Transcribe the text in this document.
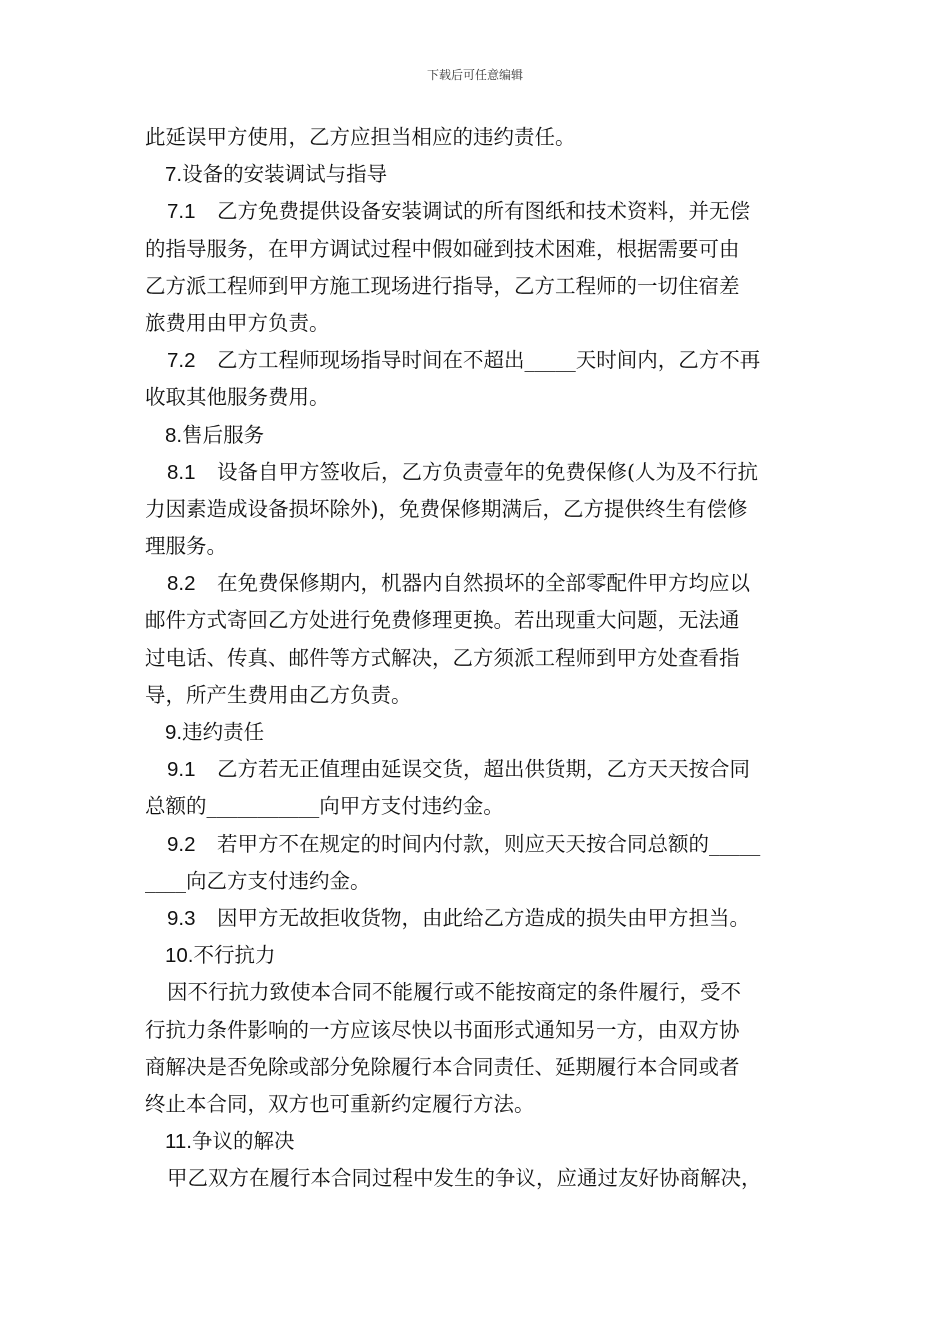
下载后可任意编辑
此延误甲方使用，乙方应担当相应的违约责任。
7.设备的安装调试与指导
7.1 乙方免费提供设备安装调试的所有图纸和技术资料，并无偿
的指导服务，在甲方调试过程中假如碰到技术困难，根据需要可由
乙方派工程师到甲方施工现场进行指导，乙方工程师的一切住宿差
旅费用由甲方负责。
7.2 乙方工程师现场指导时间在不超出_____天时间内，乙方不再
收取其他服务费用。
8.售后服务
8.1 设备自甲方签收后，乙方负责壹年的免费保修(人为及不行抗
力因素造成设备损坏除外)，免费保修期满后，乙方提供终生有偿修
理服务。
8.2 在免费保修期内，机器内自然损坏的全部零配件甲方均应以
邮件方式寄回乙方处进行免费修理更换。若出现重大问题，无法通
过电话、传真、邮件等方式解决，乙方须派工程师到甲方处查看指
导，所产生费用由乙方负责。
9.违约责任
9.1 乙方若无正值理由延误交货，超出供货期，乙方天天按合同
总额的___________向甲方支付违约金。
9.2 若甲方不在规定的时间内付款，则应天天按合同总额的_____
____向乙方支付违约金。
9.3 因甲方无故拒收货物，由此给乙方造成的损失由甲方担当。
10.不行抗力
因不行抗力致使本合同不能履行或不能按商定的条件履行，受不
行抗力条件影响的一方应该尽快以书面形式通知另一方，由双方协
商解决是否免除或部分免除履行本合同责任、延期履行本合同或者
终止本合同，双方也可重新约定履行方法。
11.争议的解决
甲乙双方在履行本合同过程中发生的争议，应通过友好协商解决，
